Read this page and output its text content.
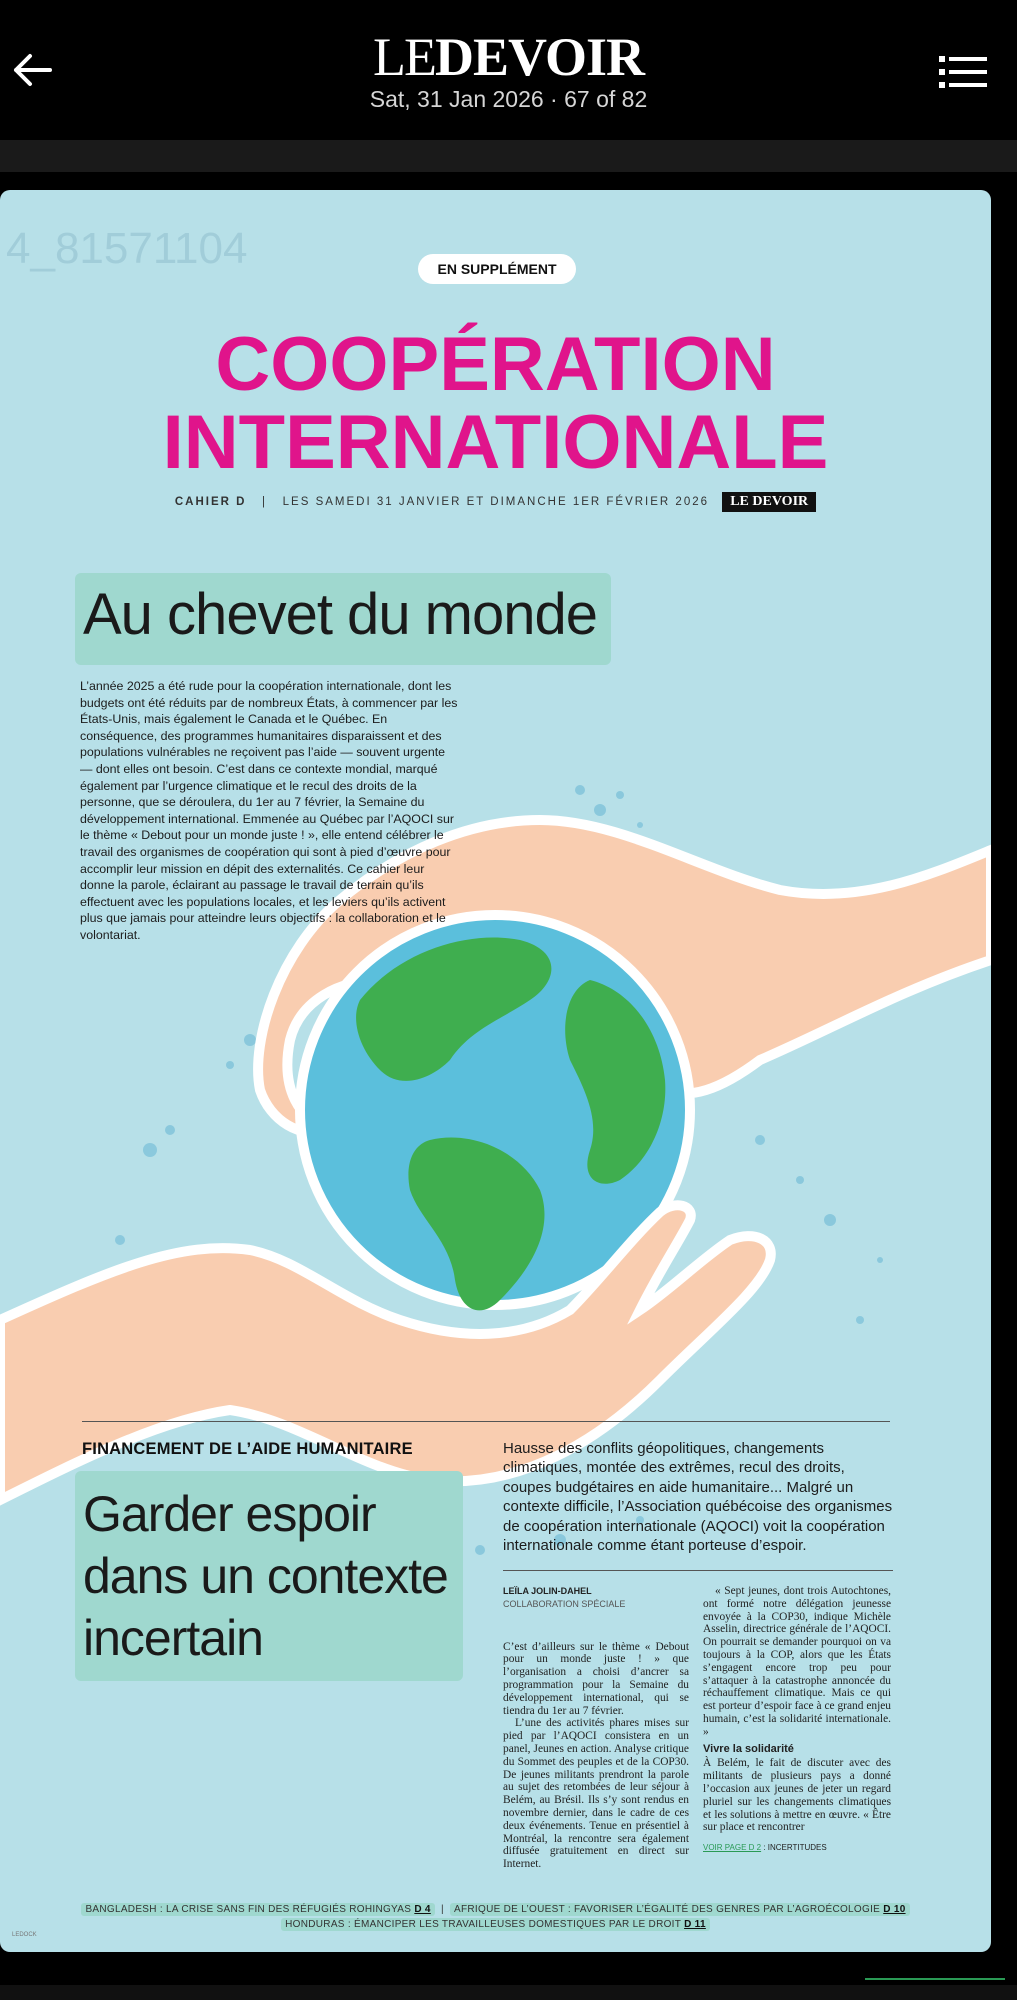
LEDEVOIR
Sat, 31 Jan 2026 · 67 of 82
4_81571104	EN SUPPLÉMENT
COOPÉRATION
INTERNATIONALE
CAHIER D | LES SAMEDI 31 JANVIER ET DIMANCHE 1ER FÉVRIER 2026 LE DEVOIR
Au chevet du monde

L’année 2025 a été rude pour la coopération internationale, dont les budgets ont été réduits par de nombreux États, à commencer par les États-Unis, mais également le Canada et le Québec. En conséquence, des programmes humanitaires disparaissent et des populations vulnérables ne reçoivent pas l’aide — souvent urgente — dont elles ont besoin. C’est dans ce contexte mondial, marqué également par l’urgence climatique et le recul des droits de la personne, que se déroulera, du 1er au 7 février, la Semaine du développement international. Emmenée au Québec par l’AQOCI sur le thème « Debout pour un monde juste ! », elle entend célébrer le travail des organismes de coopération qui sont à pied d’œuvre pour accomplir leur mission en dépit des externalités. Ce cahier leur donne la parole, éclairant au passage le travail de terrain qu’ils effectuent avec les populations locales, et les leviers qu’ils activent plus que jamais pour atteindre leurs objectifs : la collaboration et le volontariat.

FINANCEMENT DE L’AIDE HUMANITAIRE
Garder espoir dans un contexte incertain
Hausse des conflits géopolitiques, changements climatiques, montée des extrêmes, recul des droits, coupes budgétaires en aide humanitaire... Malgré un contexte difficile, l’Association québécoise des organismes de coopération internationale (AQOCI) voit la coopération internationale comme étant porteuse d’espoir.
LEÏLA JOLIN-DAHEL
COLLABORATION SPÉCIALE

C’est d’ailleurs sur le thème « Debout pour un monde juste ! » que l’organisation a choisi d’ancrer sa programmation pour la Semaine du développement international, qui se tiendra du 1er au 7 février.

L’une des activités phares mises sur pied par l’AQOCI consistera en un panel, Jeunes en action. Analyse critique du Sommet des peuples et de la COP30. De jeunes militants prendront la parole au sujet des retombées de leur séjour à Belém, au Brésil. Ils s’y sont rendus en novembre dernier, dans le cadre de ces deux événements. Tenue en présentiel à Montréal, la rencontre sera également diffusée gratuitement en direct sur Internet.

« Sept jeunes, dont trois Autochtones, ont formé notre délégation jeunesse envoyée à la COP30, indique Michèle Asselin, directrice générale de l’AQOCI. On pourrait se demander pourquoi on va toujours à la COP, alors que les États s’engagent encore trop peu pour s’attaquer à la catastrophe annoncée du réchauffement climatique. Mais ce qui est porteur d’espoir face à ce grand enjeu humain, c’est la solidarité internationale. »

Vivre la solidarité

À Belém, le fait de discuter avec des militants de plusieurs pays a donné l’occasion aux jeunes de jeter un regard pluriel sur les changements climatiques et les solutions à mettre en œuvre. « Être sur place et rencontrer

VOIR PAGE D 2 : INCERTITUDES
BANGLADESH : LA CRISE SANS FIN DES RÉFUGIÉS ROHINGYAS D 4  |  AFRIQUE DE L’OUEST : FAVORISER L’ÉGALITÉ DES GENRES PAR L’AGROÉCOLOGIE D 10
HONDURAS : ÉMANCIPER LES TRAVAILLEUSES DOMESTIQUES PAR LE DROIT D 11
LEDOCK
